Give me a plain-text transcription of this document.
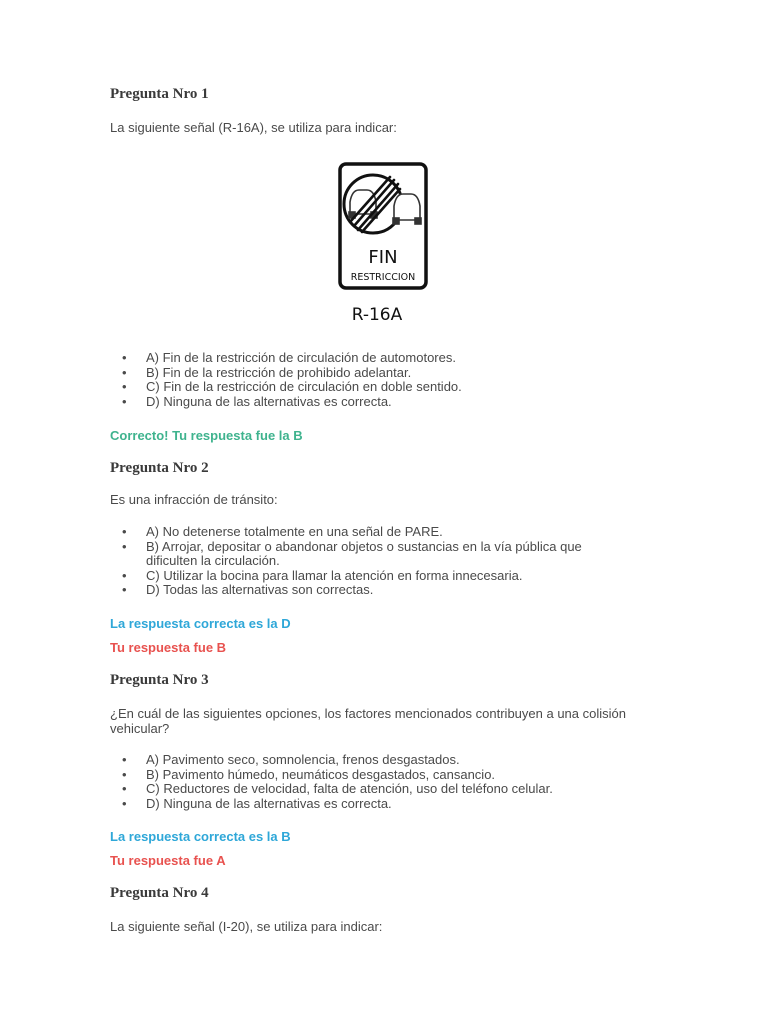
Pregunta Nro 1

La siguiente señal (R-16A), se utiliza para indicar:

FIN
RESTRICCION
R-16A
• A) Fin de la restricción de circulación de automotores.
• B) Fin de la restricción de prohibido adelantar.
• C) Fin de la restricción de circulación en doble sentido.
• D) Ninguna de las alternativas es correcta.

Correcto! Tu respuesta fue la B

Pregunta Nro 2

Es una infracción de tránsito:

• A) No detenerse totalmente en una señal de PARE.
• B) Arrojar, depositar o abandonar objetos o sustancias en la vía pública que dificulten la circulación.
• C) Utilizar la bocina para llamar la atención en forma innecesaria.
• D) Todas las alternativas son correctas.

La respuesta correcta es la D

Tu respuesta fue B

Pregunta Nro 3

¿En cuál de las siguientes opciones, los factores mencionados contribuyen a una colisión vehicular?

• A) Pavimento seco, somnolencia, frenos desgastados.
• B) Pavimento húmedo, neumáticos desgastados, cansancio.
• C) Reductores de velocidad, falta de atención, uso del teléfono celular.
• D) Ninguna de las alternativas es correcta.

La respuesta correcta es la B

Tu respuesta fue A

Pregunta Nro 4

La siguiente señal (I-20), se utiliza para indicar:
